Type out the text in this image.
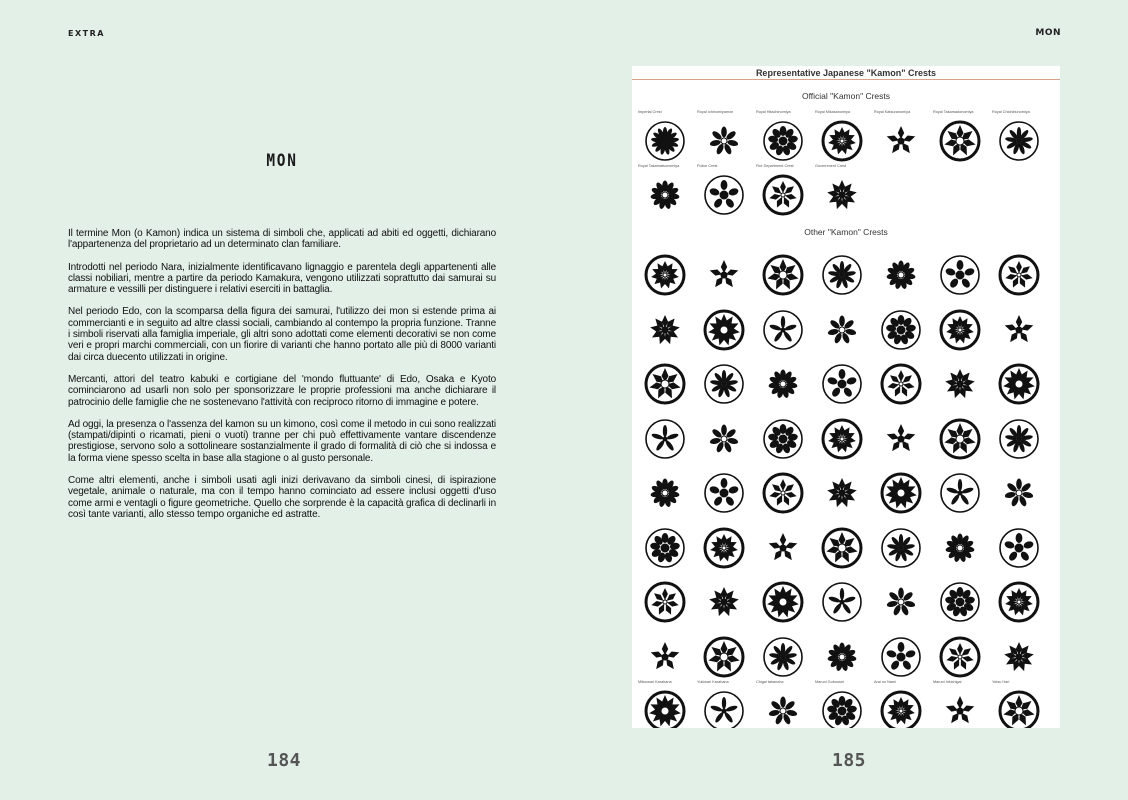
EXTRA	MON
MON

Il termine Mon (o Kamon) indica un sistema di simboli che, applicati ad abiti ed oggetti, dichiarano l'appartenenza del proprietario ad un determinato clan familiare.

Introdotti nel periodo Nara, inizialmente identificavano lignaggio e parentela degli appartenenti alle classi nobiliari, mentre a partire da periodo Kamakura, vengono utilizzati soprattutto dai samurai su armature e vessilli per distinguere i relativi eserciti in battaglia.

Nel periodo Edo, con la scomparsa della figura dei samurai, l'utilizzo dei mon si estende prima ai commercianti e in seguito ad altre classi sociali, cambiando al contempo la propria funzione. Tranne i simboli riservati alla famiglia imperiale, gli altri sono adottati come elementi decorativi se non come veri e propri marchi commerciali, con un fiorire di varianti che hanno portato alle più di 8000 varianti dai circa duecento utilizzati in origine.

Mercanti, attori del teatro kabuki e cortigiane del 'mondo fluttuante' di Edo, Osaka e Kyoto cominciarono ad usarli non solo per sponsorizzare le proprie professioni ma anche dichiarare il patrocinio delle famiglie che ne sostenevano l'attività con reciproco ritorno di immagine e potere.

Ad oggi, la presenza o l'assenza del kamon su un kimono, così come il metodo in cui sono realizzati (stampati/dipinti o ricamati, pieni o vuoti) tranne per chi può effettivamente vantare discendenze prestigiose, servono solo a sottolineare sostanzialmente il grado di formalità di ciò che si indossa e la forma viene spesso scelta in base alla stagione o al gusto personale.

Come altri elementi, anche i simboli usati agli inizi derivavano da simboli cinesi, di ispirazione vegetale, animale o naturale, ma con il tempo hanno cominciato ad essere inclusi oggetti d'uso come armi e ventagli o figure geometriche. Quello che sorprende è la capacità grafica di declinarli in così tante varianti, allo stesso tempo organiche ed astratte.

Representative Japanese "Kamon" Crests
Official "Kamon" Crests
Other "Kamon" Crests
Imperial Crest	Royal Ichinomiyamon	Royal Hitachinomiya	Royal Mikasanomiya	Royal Katsuranomiya	Royal Takamadonomiya	Royal Chichibunomiya
Royal Takamatsunomiya	Police Crest	Fire Department Crest	Government Crest
Mitsuwari Karahana	Yukiwari Karahana	Chigai takanoha	Maruni Gobousei	Arai no Nami	Maruni Irikichigai	Yotsu Hari
184	185
